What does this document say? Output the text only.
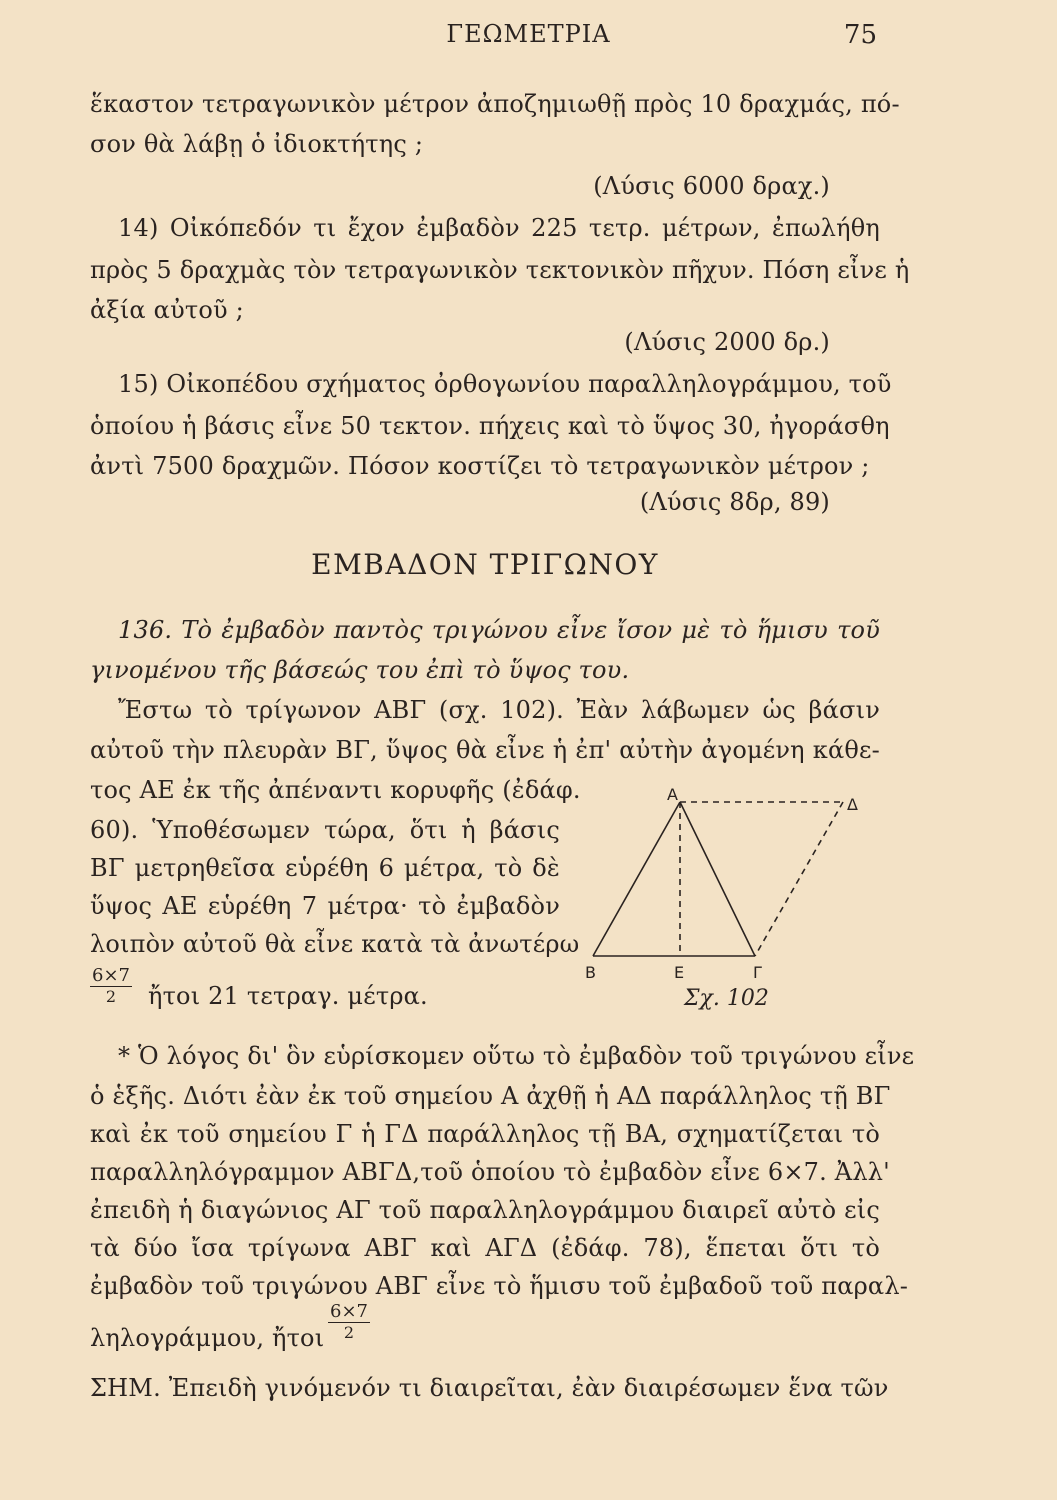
ΓΕΩΜΕΤΡΙΑ	75
ἕκαστον τετραγωνικὸν μέτρον ἀποζημιωθῇ πρὸς 10 δραχμάς, πό-
σον θὰ λάβῃ ὁ ἰδιοκτήτης ;
(Λύσις 6000 δραχ.)
14) Οἰκόπεδόν τι ἔχον ἐμβαδὸν 225 τετρ. μέτρων, ἐπωλήθη
πρὸς 5 δραχμὰς τὸν τετραγωνικὸν τεκτονικὸν πῆχυν. Πόση εἶνε ἡ
ἀξία αὐτοῦ ;
(Λύσις 2000 δρ.)
15) Οἰκοπέδου σχήματος ὀρθογωνίου παραλληλογράμμου, τοῦ
ὁποίου ἡ βάσις εἶνε 50 τεκτον. πήχεις καὶ τὸ ὕψος 30, ἠγοράσθη
ἀντὶ 7500 δραχμῶν. Πόσον κοστίζει τὸ τετραγωνικὸν μέτρον ;
(Λύσις 8δρ, 89)
ΕΜΒΑΔΟΝ ΤΡΙΓΩΝΟΥ
136. Τὸ ἐμβαδὸν παντὸς τριγώνου εἶνε ἴσον μὲ τὸ ἥμισυ τοῦ
γινομένου τῆς βάσεώς του ἐπὶ τὸ ὕψος του.
Ἔστω τὸ τρίγωνον ΑΒΓ (σχ. 102). Ἐὰν λάβωμεν ὡς βάσιν
αὐτοῦ τὴν πλευρὰν ΒΓ, ὕψος θὰ εἶνε ἡ ἐπ' αὐτὴν ἀγομένη κάθε-
τος ΑΕ ἐκ τῆς ἀπέναντι κορυφῆς (ἐδάφ.
60). Ὑποθέσωμεν τώρα, ὅτι ἡ βάσις
ΒΓ μετρηθεῖσα εὑρέθη 6 μέτρα, τὸ δὲ
ὕψος ΑΕ εὑρέθη 7 μέτρα· τὸ ἐμβαδὸν
λοιπὸν αὐτοῦ θὰ εἶνε κατὰ τὰ ἀνωτέρω
$\frac{6\times 7}{2}$ ἤτοι 21 τετραγ. μέτρα.
Α
Δ
Β	Ε	Γ
Σχ. 102
* Ὁ λόγος δι' ὃν εὑρίσκομεν οὕτω τὸ ἐμβαδὸν τοῦ τριγώνου εἶνε
ὁ ἑξῆς. Διότι ἐὰν ἐκ τοῦ σημείου Α ἀχθῇ ἡ ΑΔ παράλληλος τῇ ΒΓ
καὶ ἐκ τοῦ σημείου Γ ἡ ΓΔ παράλληλος τῇ ΒΑ, σχηματίζεται τὸ
παραλληλόγραμμον ΑΒΓΔ,τοῦ ὁποίου τὸ ἐμβαδὸν εἶνε 6×7. Ἀλλ'
ἐπειδὴ ἡ διαγώνιος ΑΓ τοῦ παραλληλογράμμου διαιρεῖ αὐτὸ εἰς
τὰ δύο ἴσα τρίγωνα ΑΒΓ καὶ ΑΓΔ (ἐδάφ. 78), ἕπεται ὅτι τὸ
ἐμβαδὸν τοῦ τριγώνου ΑΒΓ εἶνε τὸ ἥμισυ τοῦ ἐμβαδοῦ τοῦ παραλ-
ληλογράμμου, ἤτοι $\frac{6\times 7}{2}$
ΣΗΜ. Ἐπειδὴ γινόμενόν τι διαιρεῖται, ἐὰν διαιρέσωμεν ἕνα τῶν
